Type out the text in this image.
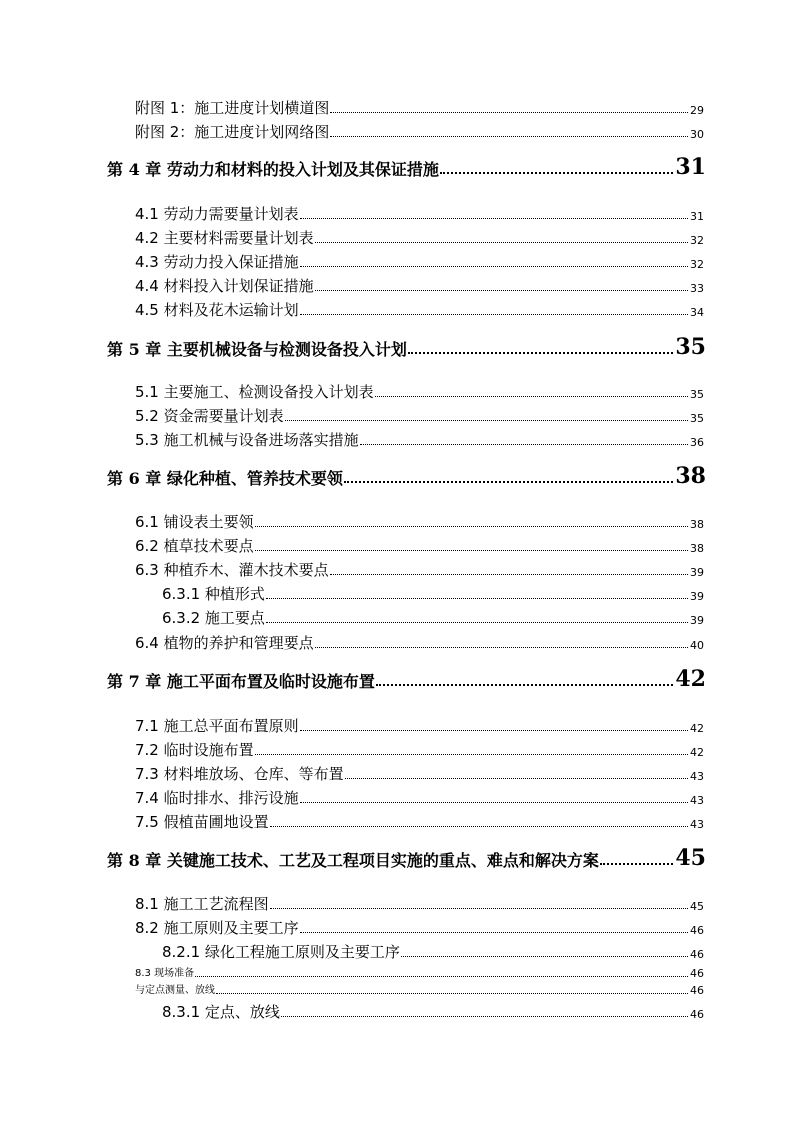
附图 1：施工进度计划横道图	29
附图 2：施工进度计划网络图	30
第 4 章 劳动力和材料的投入计划及其保证措施	31
4.1 劳动力需要量计划表	31
4.2 主要材料需要量计划表	32
4.3 劳动力投入保证措施	32
4.4 材料投入计划保证措施	33
4.5 材料及花木运输计划	34
第 5 章 主要机械设备与检测设备投入计划	35
5.1 主要施工、检测设备投入计划表	35
5.2 资金需要量计划表	35
5.3 施工机械与设备进场落实措施	36
第 6 章 绿化种植、管养技术要领	38
6.1 铺设表土要领	38
6.2 植草技术要点	38
6.3 种植乔木、灌木技术要点	39
6.3.1 种植形式	39
6.3.2 施工要点	39
6.4 植物的养护和管理要点	40
第 7 章 施工平面布置及临时设施布置	42
7.1 施工总平面布置原则	42
7.2 临时设施布置	42
7.3 材料堆放场、仓库、等布置	43
7.4 临时排水、排污设施	43
7.5 假植苗圃地设置	43
第 8 章 关键施工技术、工艺及工程项目实施的重点、难点和解决方案	45
8.1 施工工艺流程图	45
8.2 施工原则及主要工序	46
8.2.1 绿化工程施工原则及主要工序	46
8.3 现场准备	46
与定点测量、放线	46
8.3.1 定点、放线	46
